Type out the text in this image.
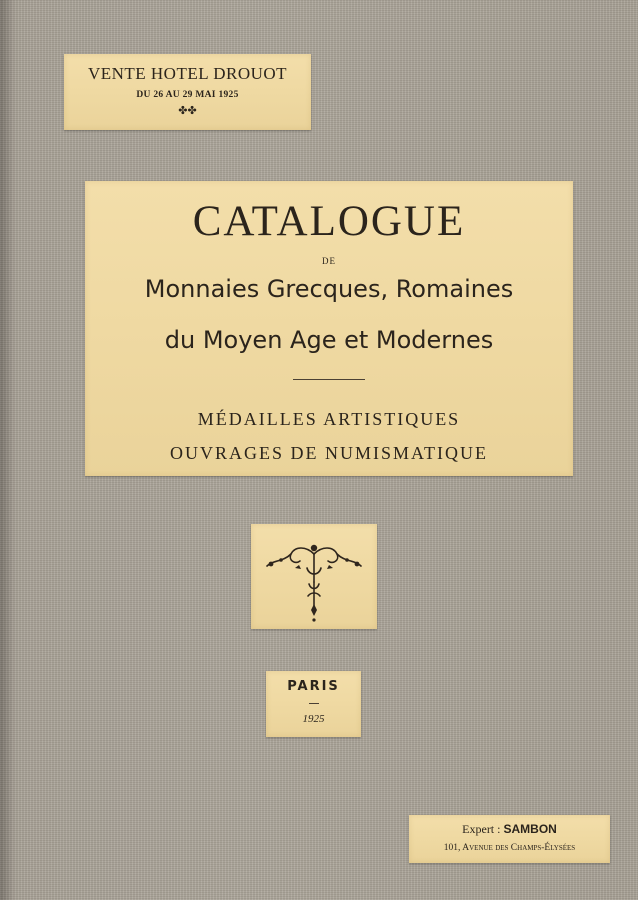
VENTE HOTEL DROUOT
DU 26 AU 29 MAI 1925
✤✤
CATALOGUE
DE
Monnaies Grecques, Romaines
du Moyen Age et Modernes
MÉDAILLES ARTISTIQUES
OUVRAGES DE NUMISMATIQUE
PARIS
1925
Expert : SAMBON
101, Avenue des Champs-Élysées
